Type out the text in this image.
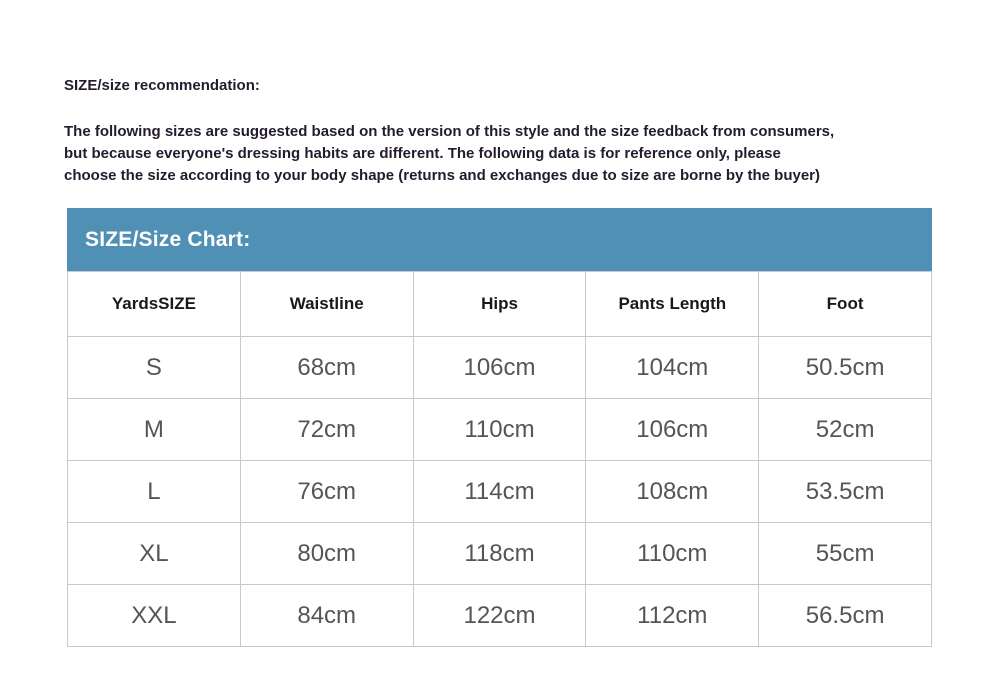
SIZE/size recommendation:
The following sizes are suggested based on the version of this style and the size feedback from consumers,
but because everyone's dressing habits are different. The following data is for reference only, please
choose the size according to your body shape (returns and exchanges due to size are borne by the buyer)
SIZE/Size Chart:
YardsSIZE	Waistline	Hips	Pants Length	Foot
S	68cm	106cm	104cm	50.5cm
M	72cm	110cm	106cm	52cm
L	76cm	114cm	108cm	53.5cm
XL	80cm	118cm	110cm	55cm
XXL	84cm	122cm	112cm	56.5cm
